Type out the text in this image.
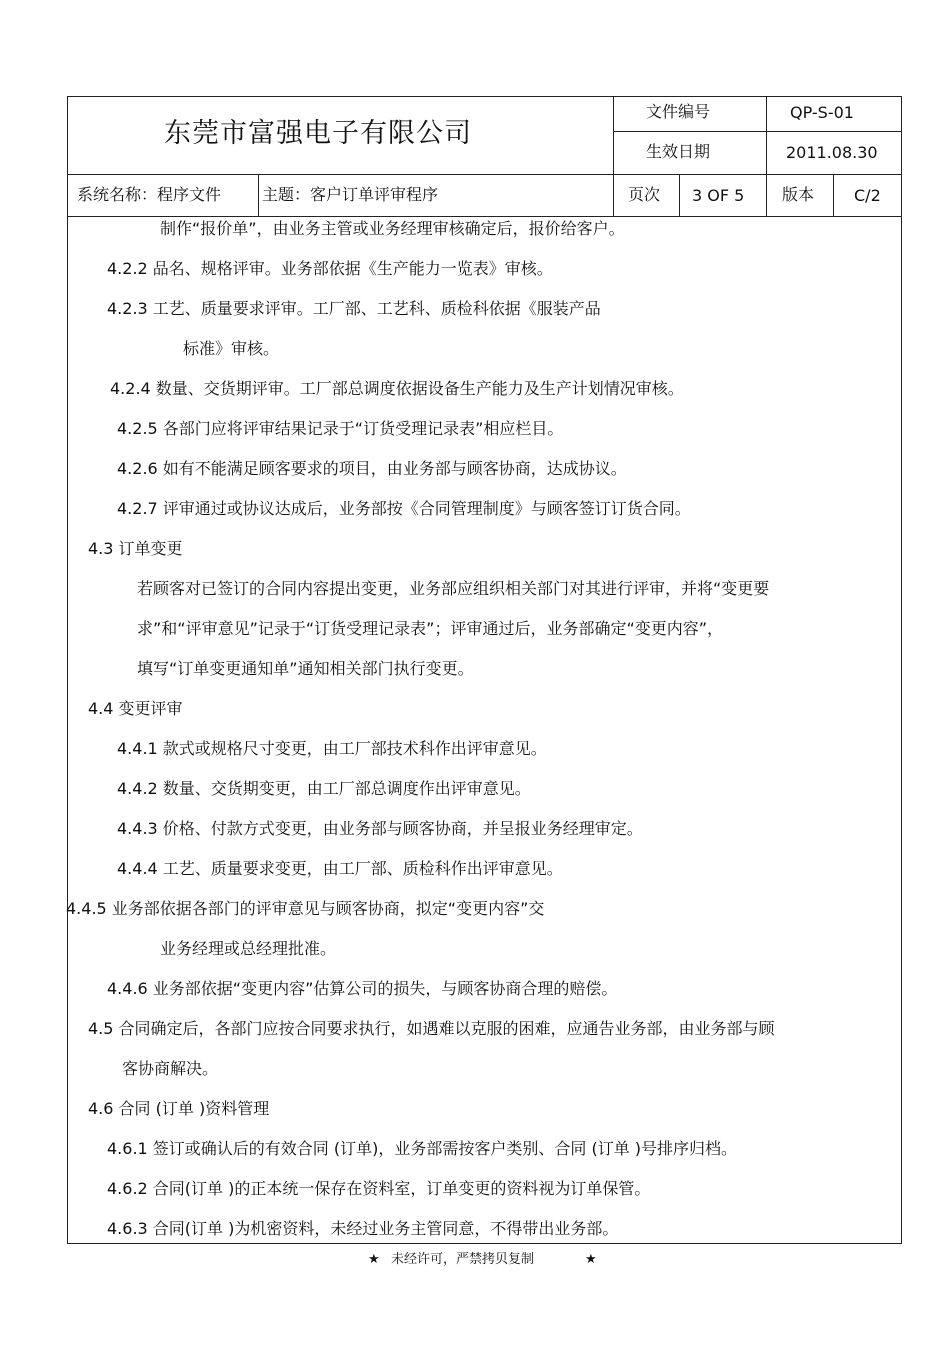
东莞市富强电子有限公司
文件编号	QP-S-01
生效日期	2011.08.30
系统名称：程序文件	主题：客户订单评审程序	页次 3 OF 5 版本 C/2
制作“报价单”，由业务主管或业务经理审核确定后，报价给客户。
4.2.2 品名、规格评审。业务部依据《生产能力一览表》审核。
4.2.3 工艺、质量要求评审。工厂部、工艺科、质检科依据《服装产品
标准》审核。
4.2.4 数量、交货期评审。工厂部总调度依据设备生产能力及生产计划情况审核。
4.2.5 各部门应将评审结果记录于“订货受理记录表”相应栏目。
4.2.6 如有不能满足顾客要求的项目，由业务部与顾客协商，达成协议。
4.2.7 评审通过或协议达成后，业务部按《合同管理制度》与顾客签订订货合同。
4.3 订单变更
若顾客对已签订的合同内容提出变更，业务部应组织相关部门对其进行评审，并将“变更要
求”和“评审意见”记录于“订货受理记录表”；评审通过后，业务部确定“变更内容”，
填写“订单变更通知单”通知相关部门执行变更。
4.4 变更评审
4.4.1 款式或规格尺寸变更，由工厂部技术科作出评审意见。
4.4.2 数量、交货期变更，由工厂部总调度作出评审意见。
4.4.3 价格、付款方式变更，由业务部与顾客协商，并呈报业务经理审定。
4.4.4 工艺、质量要求变更，由工厂部、质检科作出评审意见。
4.4.5 业务部依据各部门的评审意见与顾客协商，拟定“变更内容”交
业务经理或总经理批准。
4.4.6 业务部依据“变更内容”估算公司的损失，与顾客协商合理的赔偿。
4.5 合同确定后，各部门应按合同要求执行，如遇难以克服的困难，应通告业务部，由业务部与顾
客协商解决。
4.6 合同 (订单 )资料管理
4.6.1 签订或确认后的有效合同 (订单)，业务部需按客户类别、合同 (订单 )号排序归档。
4.6.2 合同(订单 )的正本统一保存在资料室，订单变更的资料视为订单保管。
4.6.3 合同(订单 )为机密资料，未经过业务主管同意，不得带出业务部。
★ 未经许可，严禁拷贝复制	★
